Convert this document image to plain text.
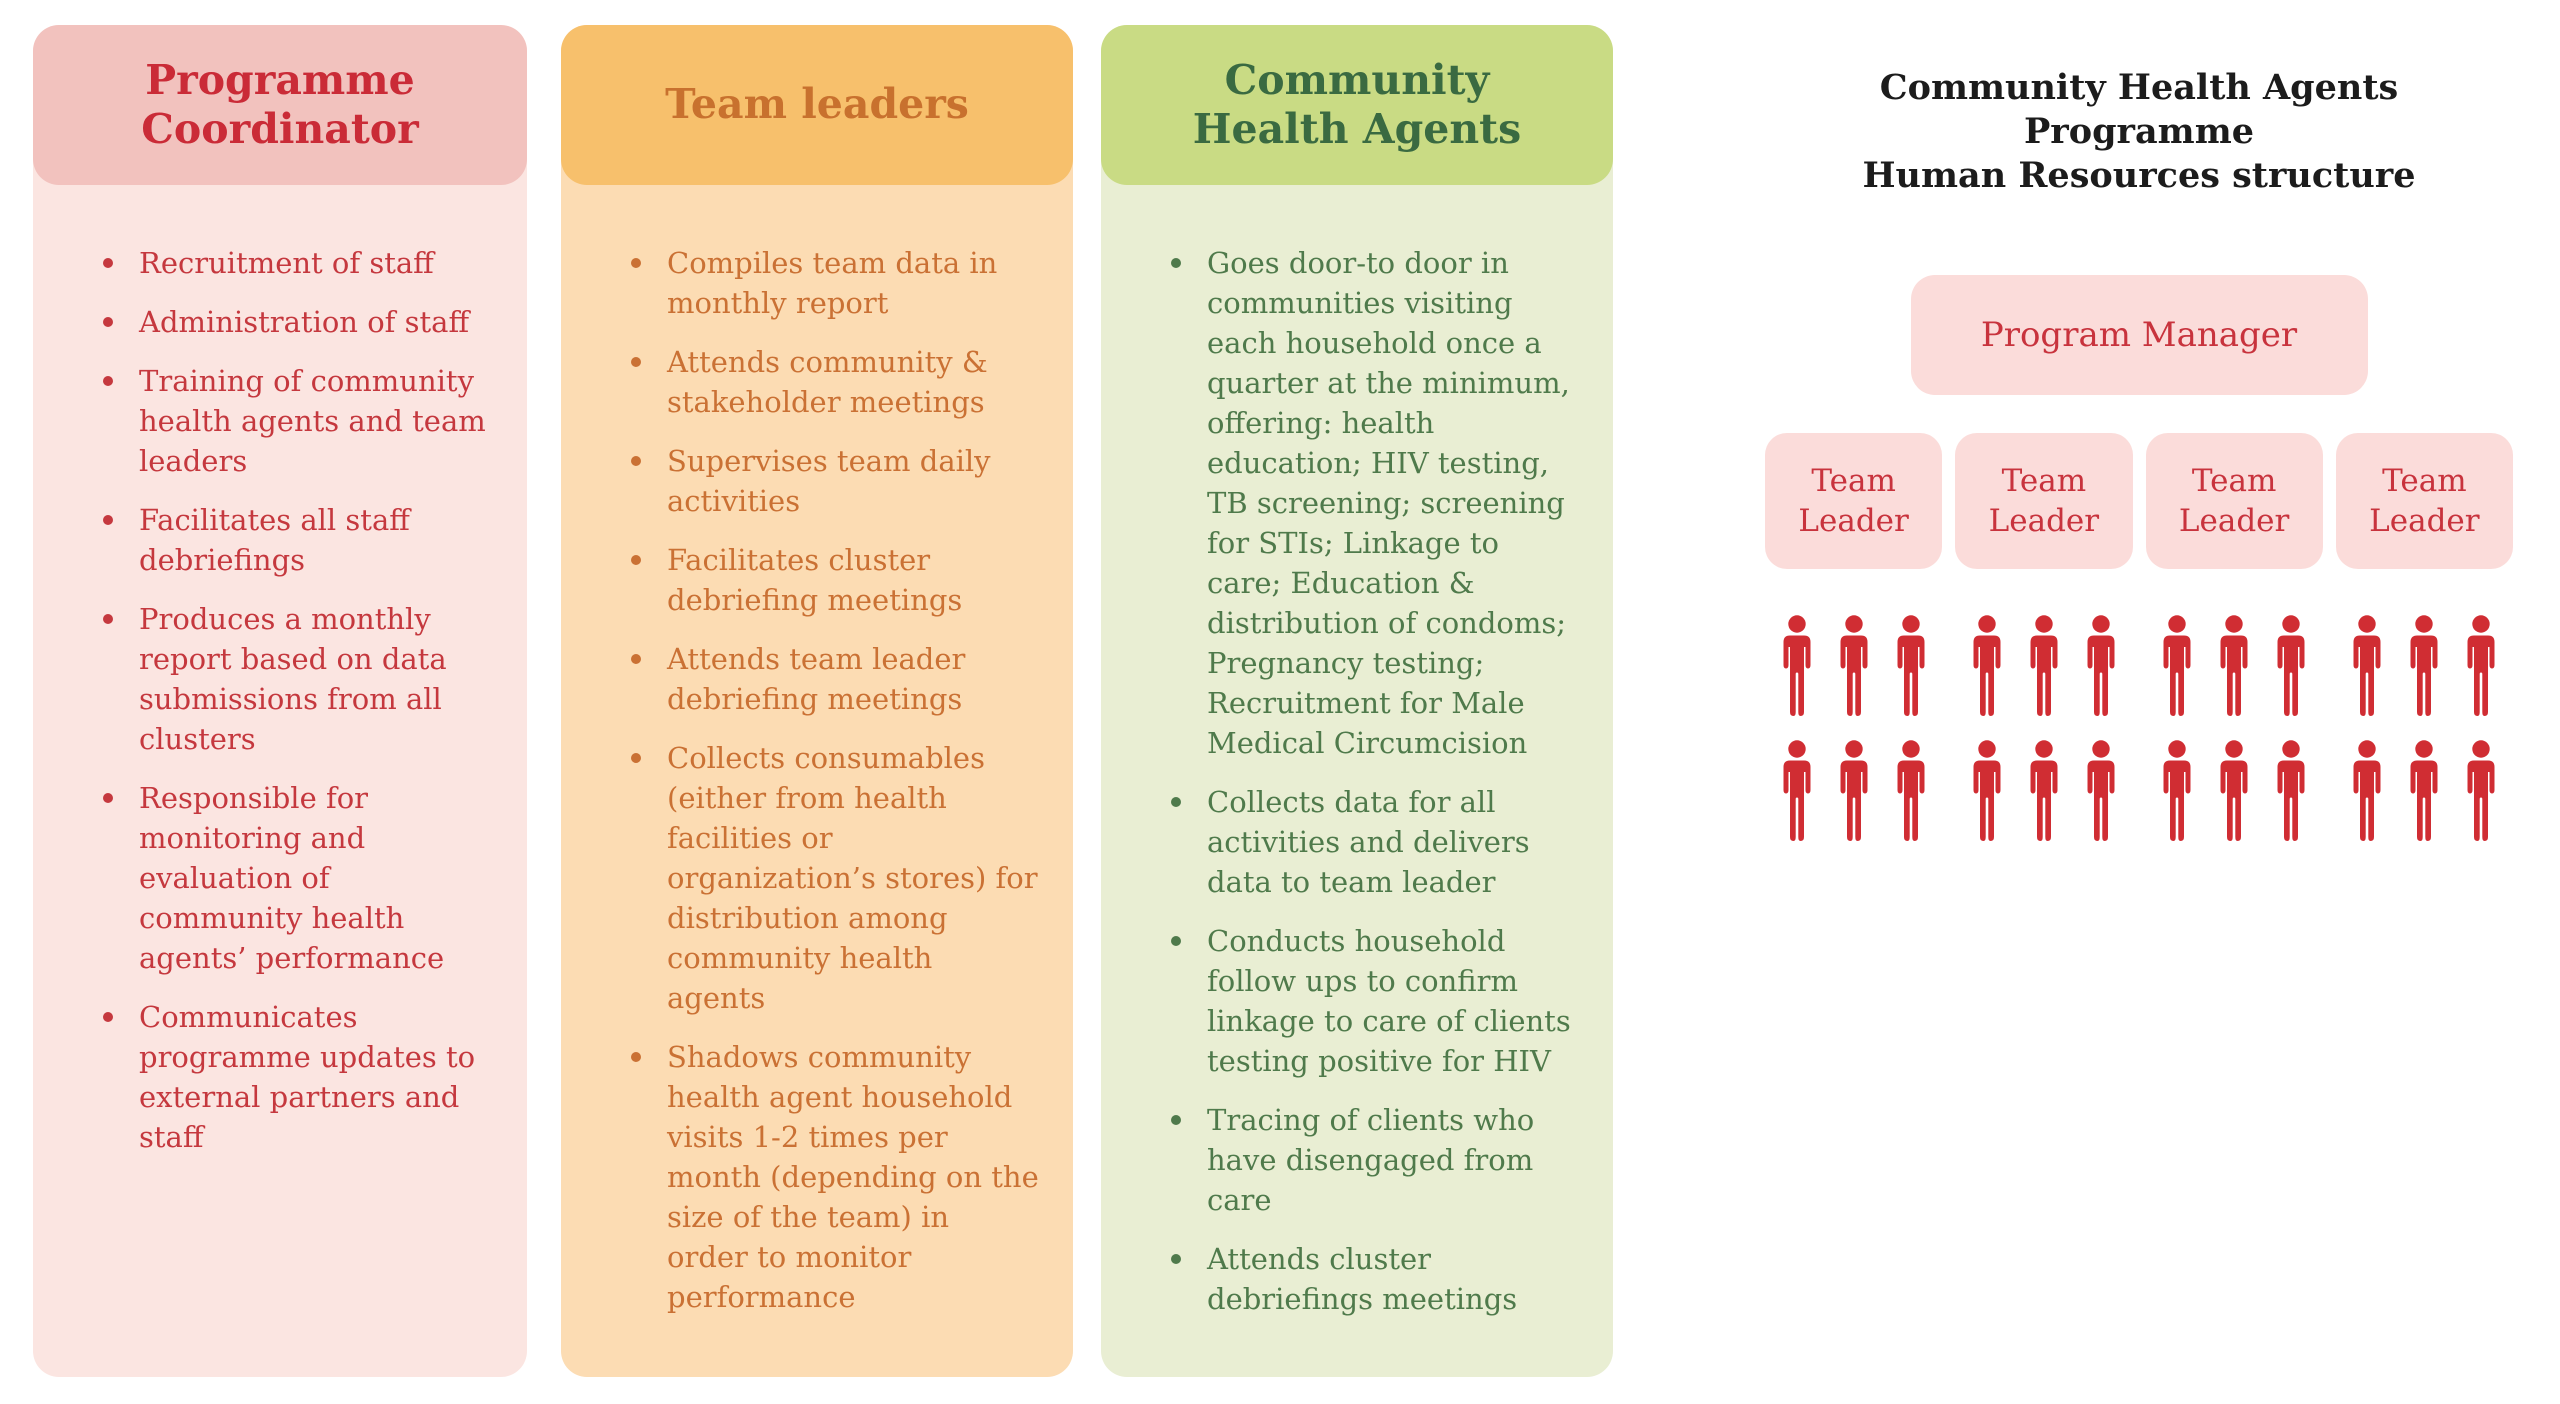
Programme Coordinator
Recruitment of staff
Administration of staff
Training of community health agents and team leaders
Facilitates all staff debriefings
Produces a monthly report based on data submissions from all clusters
Responsible for monitoring and evaluation of community health agents’ performance
Communicates programme updates to external partners and staff
Team leaders
Compiles team data in monthly report
Attends community & stakeholder meetings
Supervises team daily activities
Facilitates cluster debriefing meetings
Attends team leader debriefing meetings
Collects consumables (either from health facilities or organization’s stores) for distribution among community health agents
Shadows community health agent household visits 1-2 times per month (depending on the size of the team) in order to monitor performance
Community Health Agents
Goes door-to door in communities visiting each household once a quarter at the minimum, offering: health education; HIV testing, TB screening; screening for STIs; Linkage to care; Education & distribution of condoms; Pregnancy testing; Recruitment for Male Medical Circumcision
Collects data for all activities and delivers data to team leader
Conducts household follow ups to confirm linkage to care of clients testing positive for HIV
Tracing of clients who have disengaged from care
Attends cluster debriefings meetings
Community Health Agents Programme
Human Resources structure
Program Manager
Team Leader
Team Leader
Team Leader
Team Leader
